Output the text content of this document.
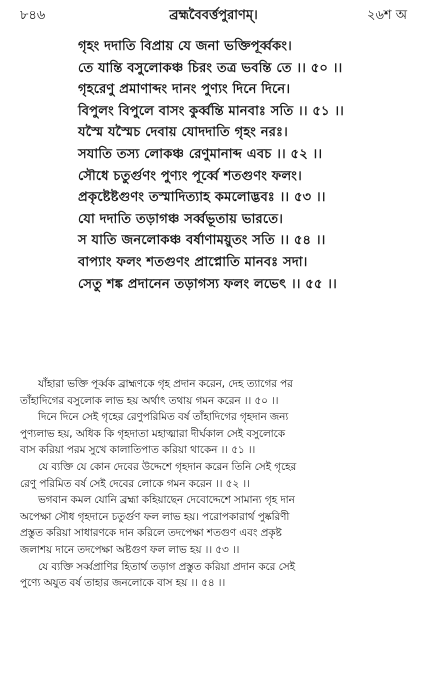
৮৪৬	ব্রহ্মবৈবর্ত্তপুরাণম্।	২৬শ অ
গৃহং দদাতি বিপ্রায় যে জনা ভক্তিপূর্ব্বকং।
তে যান্তি বসুলোকঞ্চ চিরং তত্র ভবন্তি তে ।। ৫০ ।।
গৃহরেণু প্রমাণাব্দং দানং পুণ্যং দিনে দিনে।
বিপুলং বিপুলে বাসং কুর্ব্বন্তি মানবাঃ সতি ।। ৫১ ।।
যস্মৈ যস্মৈচ দেবায় যোদদাতি গৃহং নরঃ।
সযাতি তস্য লোকঞ্চ রেণুমানাব্দ এবচ ।। ৫২ ।।
সৌধে চতুর্গুণং পুণ্যং পূর্ব্বে শতগুণং ফলং।
প্রকৃষ্টেষ্টগুণং তস্মাদিত্যাহ কমলোদ্ভবঃ ।। ৫৩ ।।
যো দদাতি তড়াগঞ্চ সর্ব্বভূতায় ভারতে।
স যাতি জনলোকঞ্চ বর্ষাণাময়ুতং সতি ।। ৫৪ ।।
বাপ্যাং ফলং শতগুণং প্রাপ্নোতি মানবঃ সদা।
সেতু শঙ্ক প্রদানেন তড়াগস্য ফলং লভেৎ ।। ৫৫ ।।

যাঁহারা ভক্তি পূর্ব্বক ব্রাহ্মণকে গৃহ প্রদান করেন, দেহ ত্যাগের পর
তাঁহাদিগের বসুলোক লাভ হয় অর্থাৎ তথায় গমন করেন ।। ৫০ ।।

দিনে দিনে সেই গৃহের রেণুপরিমিত বর্ষ তাঁহাদিগের গৃহদান জন্য
পুণ্যলাভ হয়, অধিক কি গৃহদাতা মহাত্মারা দীর্ঘকাল সেই বসুলোকে
বাস করিয়া পরম সুখে কালাতিপাত করিয়া থাকেন ।। ৫১ ।।

যে ব্যক্তি যে কোন দেবের উদ্দেশে গৃহদান করেন তিনি সেই গৃহের
রেণু পরিমিত বর্ষ সেই দেবের লোকে গমন করেন ।। ৫২ ।।

ভগবান কমল যোনি ব্রহ্মা কহিয়াছেন দেবোদ্দেশে সামান্য গৃহ দান
অপেক্ষা সৌধ গৃহদানে চতুর্গুণ ফল লাভ হয়। পরোপকারার্থ পুষ্করিণী
প্রস্তুত করিয়া সাধারণকে দান করিলে তদপেক্ষা শতগুণ এবং প্রকৃষ্ট
জলাশয় দানে তদপেক্ষা অষ্টগুণ ফল লাভ হয় ।। ৫৩ ।।

যে ব্যক্তি সর্ব্বপ্রাণির হিতার্থ তড়াগ প্রস্তুত করিয়া প্রদান করে সেই
পুণ্যে অযুত বর্ষ তাহার জনলোকে বাস হয় ।। ৫৪ ।।
